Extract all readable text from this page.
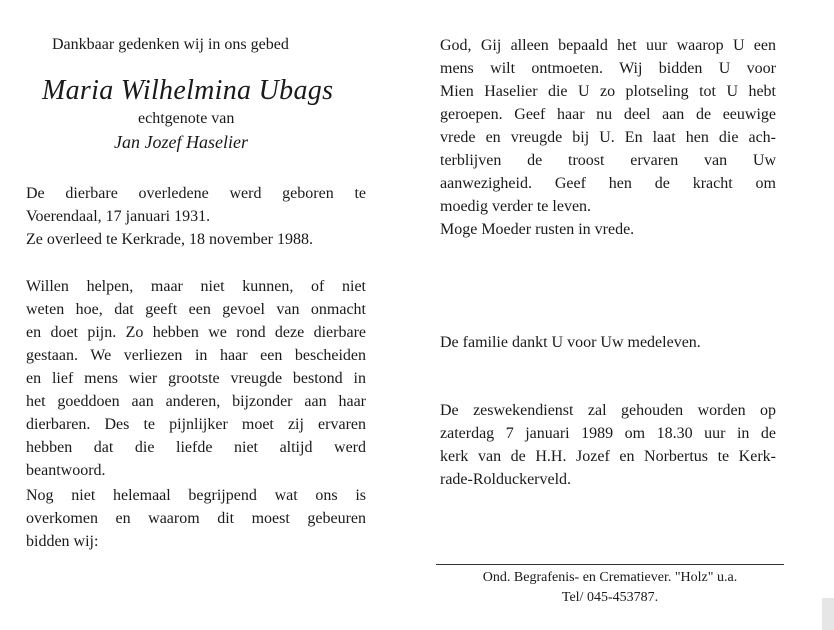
Dankbaar gedenken wij in ons gebed
Maria Wilhelmina Ubags
echtgenote van
Jan Jozef Haselier
De dierbare overledene werd geboren te
Voerendaal, 17 januari 1931.
Ze overleed te Kerkrade, 18 november 1988.
Willen helpen, maar niet kunnen, of niet
weten hoe, dat geeft een gevoel van onmacht
en doet pijn. Zo hebben we rond deze dierbare
gestaan. We verliezen in haar een bescheiden
en lief mens wier grootste vreugde bestond in
het goeddoen aan anderen, bijzonder aan haar
dierbaren. Des te pijnlijker moet zij ervaren
hebben dat die liefde niet altijd werd
beantwoord.
Nog niet helemaal begrijpend wat ons is
overkomen en waarom dit moest gebeuren
bidden wij:
God, Gij alleen bepaald het uur waarop U een
mens wilt ontmoeten. Wij bidden U voor
Mien Haselier die U zo plotseling tot U hebt
geroepen. Geef haar nu deel aan de eeuwige
vrede en vreugde bij U. En laat hen die ach-
terblijven de troost ervaren van Uw
aanwezigheid. Geef hen de kracht om
moedig verder te leven.
Moge Moeder rusten in vrede.
De familie dankt U voor Uw medeleven.
De zeswekendienst zal gehouden worden op
zaterdag 7 januari 1989 om 18.30 uur in de
kerk van de H.H. Jozef en Norbertus te Kerk-
rade-Rolduckerveld.
Ond. Begrafenis- en Crematiever. "Holz" u.a.
Tel/ 045-453787.
